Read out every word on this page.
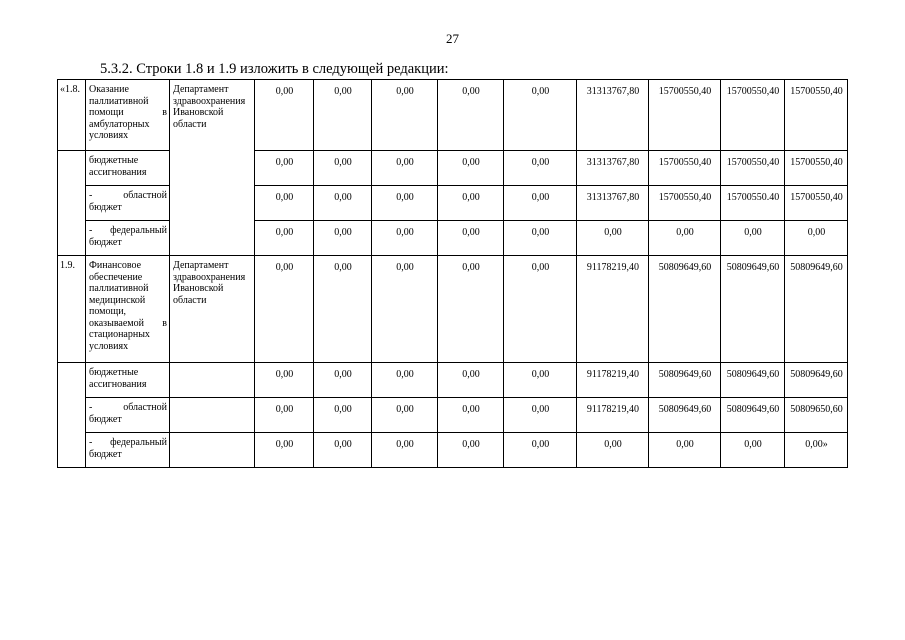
27
5.3.2. Строки 1.8 и 1.9 изложить в следующей редакции:
«1.8.	Оказание паллиативной помощи в амбулаторных условиях	Департамент здравоохранения Ивановской области	0,00	0,00	0,00	0,00	0,00	31313767,80	15700550,40	15700550,40	15700550,40
	бюджетные ассигнования		0,00	0,00	0,00	0,00	0,00	31313767,80	15700550,40	15700550,40	15700550,40
	- областной бюджет		0,00	0,00	0,00	0,00	0,00	31313767,80	15700550,40	15700550.40	15700550,40
	- федеральный бюджет		0,00	0,00	0,00	0,00	0,00	0,00	0,00	0,00	0,00
1.9.	Финансовое обеспечение паллиативной медицинской помощи, оказываемой в стационарных условиях	Департамент здравоохранения Ивановской области	0,00	0,00	0,00	0,00	0,00	91178219,40	50809649,60	50809649,60	50809649,60
	бюджетные ассигнования		0,00	0,00	0,00	0,00	0,00	91178219,40	50809649,60	50809649,60	50809649,60
	- областной бюджет		0,00	0,00	0,00	0,00	0,00	91178219,40	50809649,60	50809649,60	50809650,60
	- федеральный бюджет		0,00	0,00	0,00	0,00	0,00	0,00	0,00	0,00	0,00»
